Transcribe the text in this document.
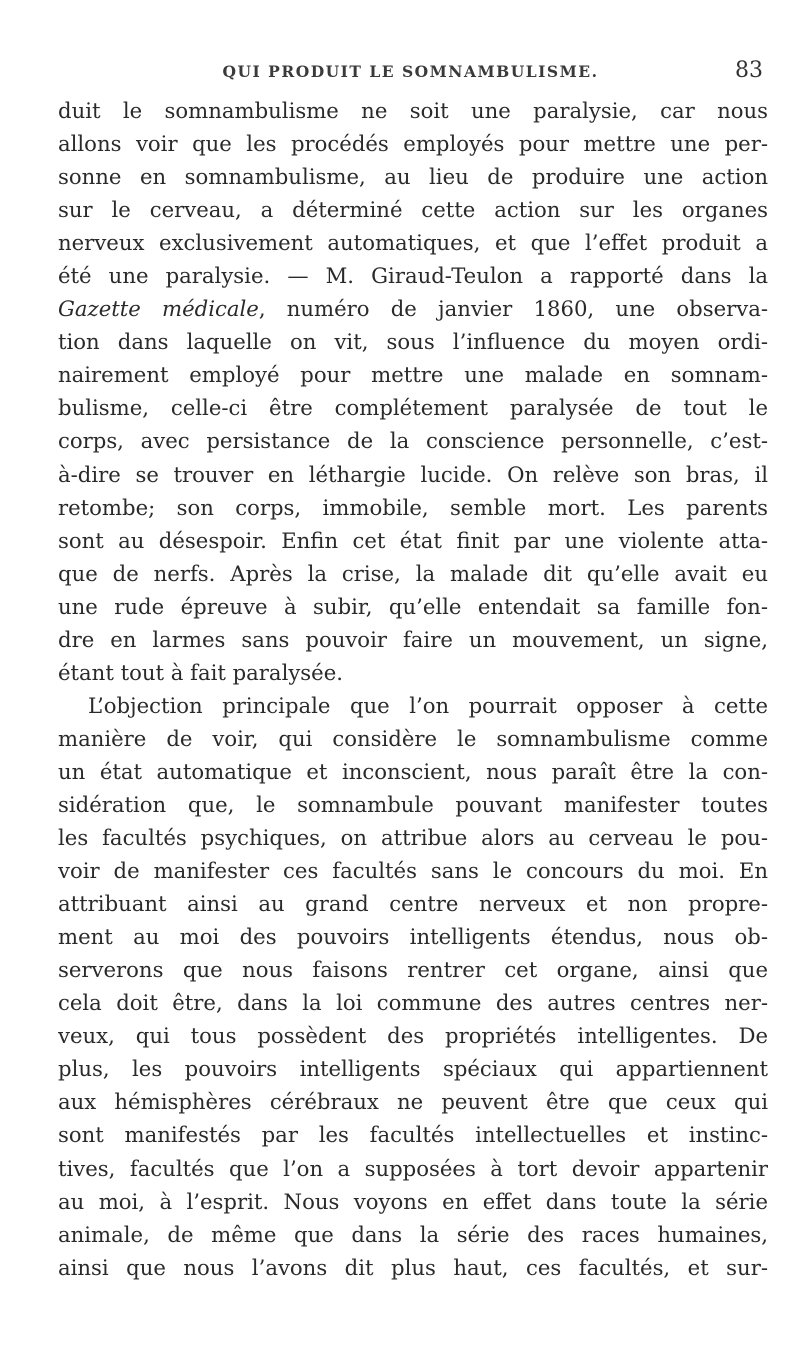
QUI PRODUIT LE SOMNAMBULISME.	83
duit le somnambulisme ne soit une paralysie, car nous
allons voir que les procédés employés pour mettre une per-
sonne en somnambulisme, au lieu de produire une action
sur le cerveau, a déterminé cette action sur les organes
nerveux exclusivement automatiques, et que l’effet produit a
été une paralysie. — M. Giraud-Teulon a rapporté dans la
Gazette médicale, numéro de janvier 1860, une observa-
tion dans laquelle on vit, sous l’influence du moyen ordi-
nairement employé pour mettre une malade en somnam-
bulisme, celle-ci être complétement paralysée de tout le
corps, avec persistance de la conscience personnelle, c’est-
à-dire se trouver en léthargie lucide. On relève son bras, il
retombe; son corps, immobile, semble mort. Les parents
sont au désespoir. Enfin cet état finit par une violente atta-
que de nerfs. Après la crise, la malade dit qu’elle avait eu
une rude épreuve à subir, qu’elle entendait sa famille fon-
dre en larmes sans pouvoir faire un mouvement, un signe,
étant tout à fait paralysée.
L’objection principale que l’on pourrait opposer à cette
manière de voir, qui considère le somnambulisme comme
un état automatique et inconscient, nous paraît être la con-
sidération que, le somnambule pouvant manifester toutes
les facultés psychiques, on attribue alors au cerveau le pou-
voir de manifester ces facultés sans le concours du moi. En
attribuant ainsi au grand centre nerveux et non propre-
ment au moi des pouvoirs intelligents étendus, nous ob-
serverons que nous faisons rentrer cet organe, ainsi que
cela doit être, dans la loi commune des autres centres ner-
veux, qui tous possèdent des propriétés intelligentes. De
plus, les pouvoirs intelligents spéciaux qui appartiennent
aux hémisphères cérébraux ne peuvent être que ceux qui
sont manifestés par les facultés intellectuelles et instinc-
tives, facultés que l’on a supposées à tort devoir appartenir
au moi, à l’esprit. Nous voyons en effet dans toute la série
animale, de même que dans la série des races humaines,
ainsi que nous l’avons dit plus haut, ces facultés, et sur-
